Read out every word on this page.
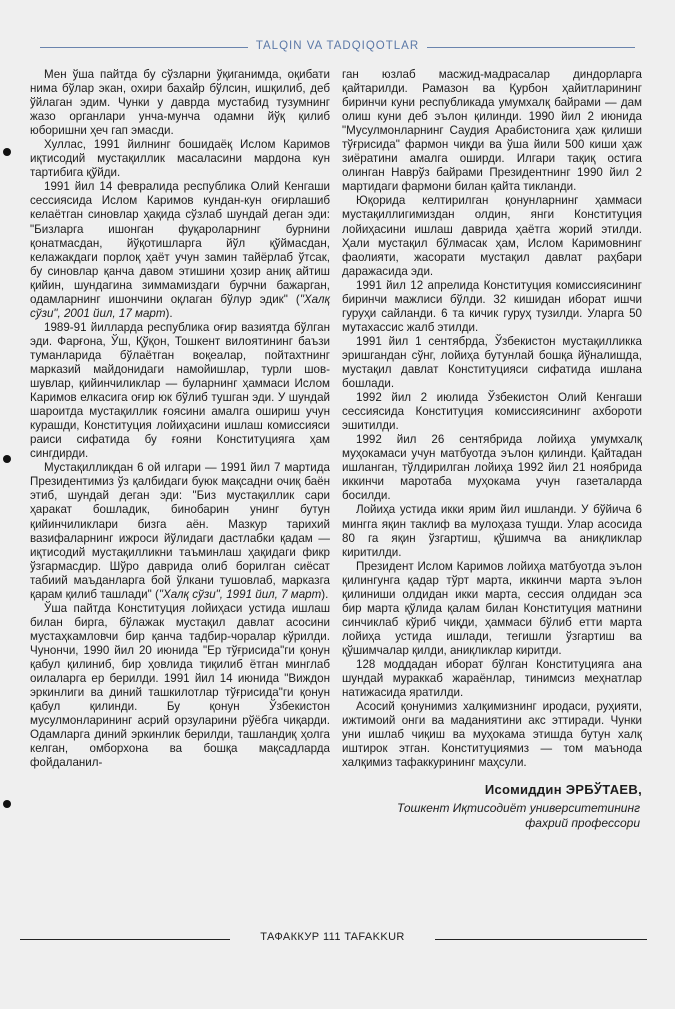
TALQIN VA TADQIQOTLAR

Мен ўша пайтда бу сўзларни ўқиганимда, оқибати нима бўлар экан, охири бахайр бўлсин, ишқилиб, деб ўйлаган эдим. Чунки у даврда мустабид тузумнинг жазо органлари унча-мунча одамни йўқ қилиб юборишни ҳеч гап эмасди.

Хуллас, 1991 йилнинг бошидаёқ Ислом Каримов иқтисодий мустақиллик масаласини мардона кун тартибига қўйди.

1991 йил 14 февралида республика Олий Кенгаши сессиясида Ислом Каримов кундан-кун оғирлашиб келаётган синовлар ҳақида сўзлаб шундай деган эди: "Бизларга ишонган фуқароларнинг бурнини қонатмасдан, йўқотишларга йўл қўймасдан, келажакдаги порлоқ ҳаёт учун замин тайёрлаб ўтсак, бу синовлар қанча давом этишини ҳозир аниқ айтиш қийин, шундагина зиммамиздаги бурчни бажарган, одамларнинг ишончини оқлаган бўлур эдик" ("Халқ сўзи", 2001 йил, 17 март).

1989-91 йилларда республика оғир вазиятда бўлган эди. Фарғона, Ўш, Қўқон, Тошкент вилоятининг баъзи туманларида бўлаётган воқеалар, пойтахтнинг марказий майдонидаги намойишлар, турли шов-шувлар, қийинчиликлар — буларнинг ҳаммаси Ислом Каримов елкасига оғир юк бўлиб тушган эди. У шундай шароитда мустақиллик ғоясини амалга ошириш учун курашди, Конституция лойиҳасини ишлаш комиссияси раиси сифатида бу ғояни Конституцияга ҳам сингдирди.

Мустақилликдан 6 ой илгари — 1991 йил 7 мартида Президентимиз ўз қалбидаги буюк мақсадни очиқ баён этиб, шундай деган эди: "Биз мустақиллик сари ҳаракат бошладик, бинобарин унинг бутун қийинчиликлари бизга аён. Мазкур тарихий вазифаларнинг ижроси йўлидаги дастлабки қадам — иқтисодий мустақилликни таъминлаш ҳақидаги фикр ўзгармасдир. Шўро даврида олиб борилган сиёсат табиий маъданларга бой ўлкани тушовлаб, марказга қарам қилиб ташлади" ("Халқ сўзи", 1991 йил, 7 март).

Ўша пайтда Конституция лойиҳаси устида ишлаш билан бирга, бўлажак мустақил давлат асосини мустаҳкамловчи бир қанча тадбир-чоралар кўрилди. Чунончи, 1990 йил 20 июнида "Ер тўғрисида"ги қонун қабул қилиниб, бир ҳовлида тиқилиб ётган минглаб оилаларга ер берилди. 1991 йил 14 июнида "Виждон эркинлиги ва диний ташкилотлар тўғрисида"ги қонун қабул қилинди. Бу қонун Ўзбекистон мусулмонларининг асрий орзуларини рўёбга чиқарди. Одамларга диний эркинлик берилди, ташландиқ ҳолга келган, омборхона ва бошқа мақсадларда фойдаланил-

ган юзлаб масжид-мадрасалар диндорларга қайтарилди. Рамазон ва Қурбон ҳайитларининг биринчи куни республикада умумхалқ байрами — дам олиш куни деб эълон қилинди. 1990 йил 2 июнида "Мусулмонларнинг Саудия Арабистонига ҳаж қилиши тўғрисида" фармон чиқди ва ўша йили 500 киши ҳаж зиёратини амалга оширди. Илгари тақиқ остига олинган Наврўз байрами Президентнинг 1990 йил 2 мартидаги фармони билан қайта тикланди.

Юқорида келтирилган қонунларнинг ҳаммаси мустақиллигимиздан олдин, янги Конституция лойиҳасини ишлаш даврида ҳаётга жорий этилди. Ҳали мустақил бўлмасак ҳам, Ислом Каримовнинг фаолияти, жасорати мустақил давлат раҳбари даражасида эди.

1991 йил 12 апрелида Конституция комиссиясининг биринчи мажлиси бўлди. 32 кишидан иборат ишчи гуруҳи сайланди. 6 та кичик гуруҳ тузилди. Уларга 50 мутахассис жалб этилди.

1991 йил 1 сентябрда, Ўзбекистон мустақилликка эришгандан сўнг, лойиҳа бутунлай бошқа йўналишда, мустақил давлат Конституцияси сифатида ишлана бошлади.

1992 йил 2 июлида Ўзбекистон Олий Кенгаши сессиясида Конституция комиссиясининг ахбороти эшитилди.

1992 йил 26 сентябрида лойиҳа умумхалқ муҳокамаси учун матбуотда эълон қилинди. Қайтадан ишланган, тўлдирилган лойиҳа 1992 йил 21 ноябрида иккинчи маротаба муҳокама учун газеталарда босилди.

Лойиҳа устида икки ярим йил ишланди. У бўйича 6 мингга яқин таклиф ва мулоҳаза тушди. Улар асосида 80 га яқин ўзгартиш, қўшимча ва аниқликлар киритилди.

Президент Ислом Каримов лойиҳа матбуотда эълон қилингунга қадар тўрт марта, иккинчи марта эълон қилиниши олдидан икки марта, сессия олдидан эса бир марта қўлида қалам билан Конституция матнини синчиклаб кўриб чиқди, ҳаммаси бўлиб етти марта лойиҳа устида ишлади, тегишли ўзгартиш ва қўшимчалар қилди, аниқликлар киритди.

128 моддадан иборат бўлган Конституцияга ана шундай мураккаб жараёнлар, тинимсиз меҳнатлар натижасида яратилди.

Асосий қонунимиз халқимизнинг иродаси, руҳияти, ижтимоий онги ва маданиятини акс эттиради. Чунки уни ишлаб чиқиш ва муҳокама этишда бутун халқ иштирок этган. Конституциямиз — том маънода халқимиз тафаккурининг маҳсули.

Исомиддин ЭРБЎТАЕВ,
Тошкент Иқтисодиёт университетининг
фахрий профессори
ТАФАККУР 111 TAFAKKUR
